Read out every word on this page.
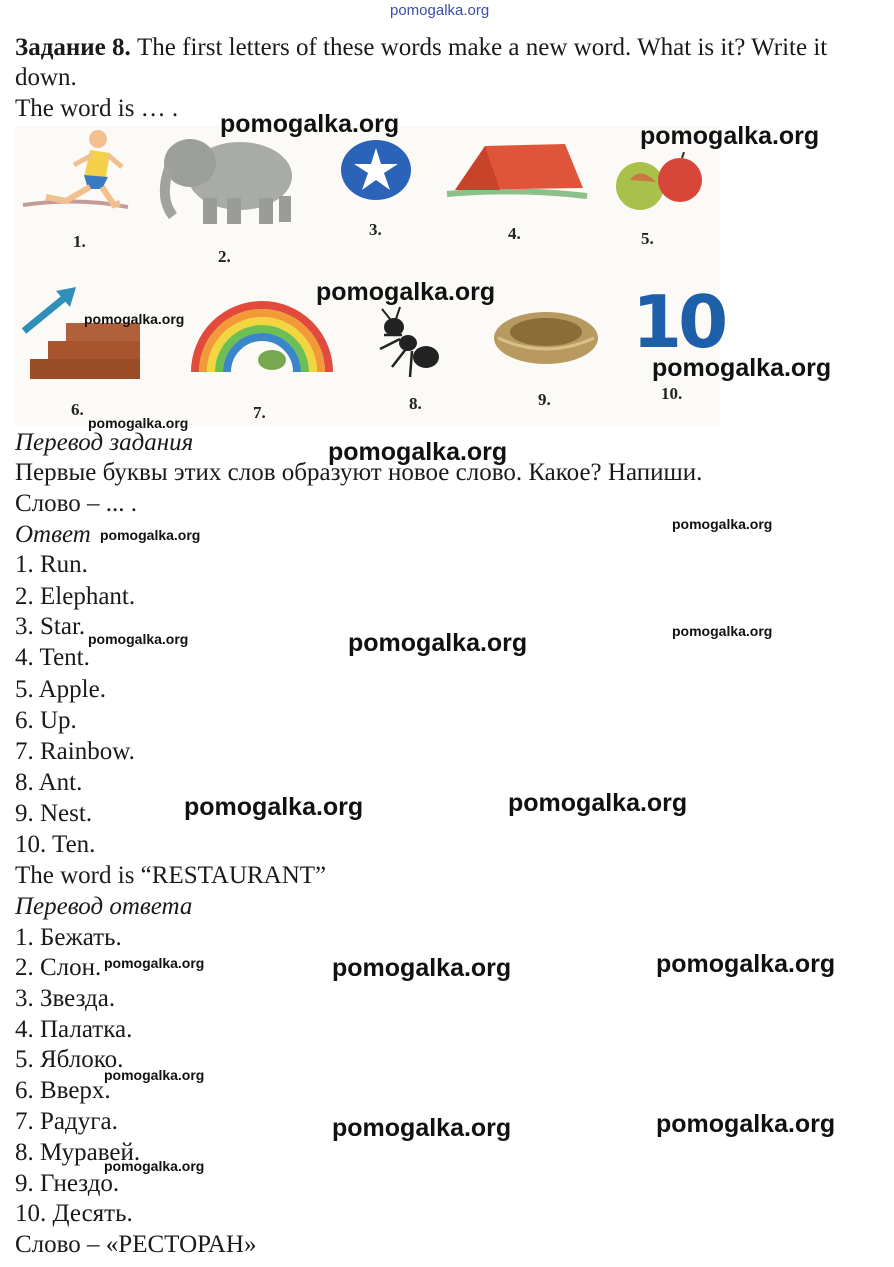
pomogalka.org
Задание 8. The first letters of these words make a new word. What is it? Write it
down.
The word is … .
10
1.
2.
3.	4.	5.
6.	7.	8.	9.	10.
Перевод задания
Первые буквы этих слов образуют новое слово. Какое? Напиши.
Слово – ... .
Ответ
1. Run.
2. Elephant.
3. Star.
4. Tent.
5. Apple.
6. Up.
7. Rainbow.
8. Ant.
9. Nest.
10. Ten.
The word is “RESTAURANT”
Перевод ответа
1. Бежать.
2. Слон.
3. Звезда.
4. Палатка.
5. Яблоко.
6. Вверх.
7. Радуга.
8. Муравей.
9. Гнездо.
10. Десять.
Слово – «РЕСТОРАН»
pomogalka.org	pomogalka.org
pomogalka.org
pomogalka.org
pomogalka.org
pomogalka.org
pomogalka.org
pomogalka.org
pomogalka.org
pomogalka.org	pomogalka.org	pomogalka.org
pomogalka.org	pomogalka.org
pomogalka.org	pomogalka.org	pomogalka.org
pomogalka.org
pomogalka.org	pomogalka.org
pomogalka.org
